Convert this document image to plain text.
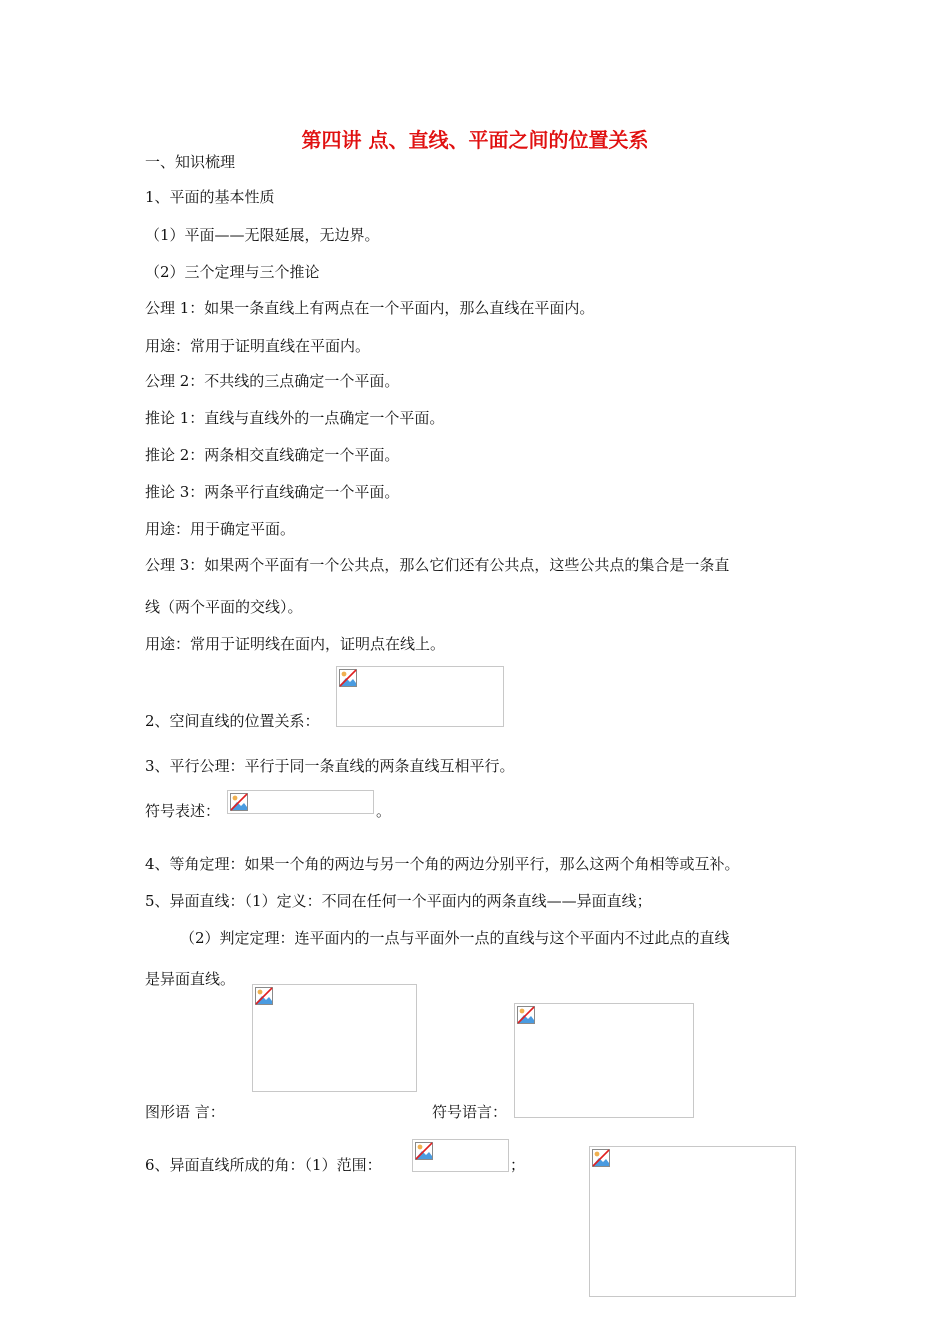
第四讲 点、直线、平面之间的位置关系
一、知识梳理
1、平面的基本性质
（1）平面——无限延展，无边界。
（2）三个定理与三个推论
公理 1：如果一条直线上有两点在一个平面内，那么直线在平面内。
用途：常用于证明直线在平面内。
公理 2：不共线的三点确定一个平面。
推论 1：直线与直线外的一点确定一个平面。
推论 2：两条相交直线确定一个平面。
推论 3：两条平行直线确定一个平面。
用途：用于确定平面。
公理 3：如果两个平面有一个公共点，那么它们还有公共点，这些公共点的集合是一条直
线（两个平面的交线）。
用途：常用于证明线在面内，证明点在线上。
2、空间直线的位置关系：
3、平行公理：平行于同一条直线的两条直线互相平行。
符号表述：	。
4、等角定理：如果一个角的两边与另一个角的两边分别平行，那么这两个角相等或互补。
5、异面直线：（1）定义：不同在任何一个平面内的两条直线——异面直线；
（2）判定定理：连平面内的一点与平面外一点的直线与这个平面内不过此点的直线
是异面直线。
图形语 言：	符号语言：
6、异面直线所成的角：（1）范围：	；
